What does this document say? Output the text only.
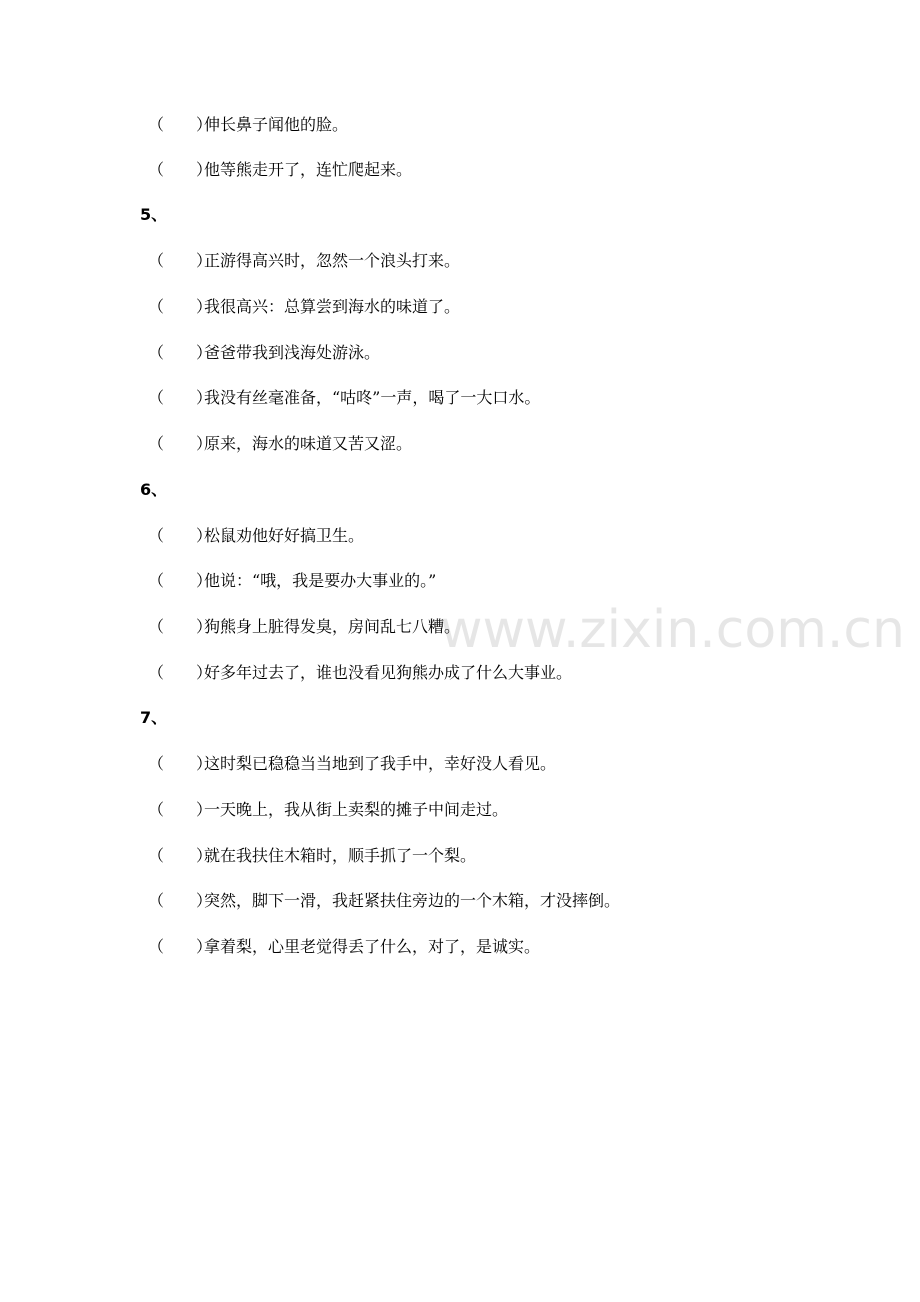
www.zixin.com.cn
（　　）伸长鼻子闻他的脸。
（　　）他等熊走开了，连忙爬起来。
5、
（　　）正游得高兴时，忽然一个浪头打来。
（　　）我很高兴：总算尝到海水的味道了。
（　　）爸爸带我到浅海处游泳。
（　　）我没有丝毫准备，“咕咚”一声，喝了一大口水。
（　　）原来，海水的味道又苦又涩。
6、
（　　）松鼠劝他好好搞卫生。
（　　）他说：“哦，我是要办大事业的。”
（　　）狗熊身上脏得发臭，房间乱七八糟。
（　　）好多年过去了，谁也没看见狗熊办成了什么大事业。
7、
（　　）这时梨已稳稳当当地到了我手中，幸好没人看见。
（　　）一天晚上，我从街上卖梨的摊子中间走过。
（　　）就在我扶住木箱时，顺手抓了一个梨。
（　　）突然，脚下一滑，我赶紧扶住旁边的一个木箱，才没摔倒。
（　　）拿着梨，心里老觉得丢了什么，对了，是诚实。
